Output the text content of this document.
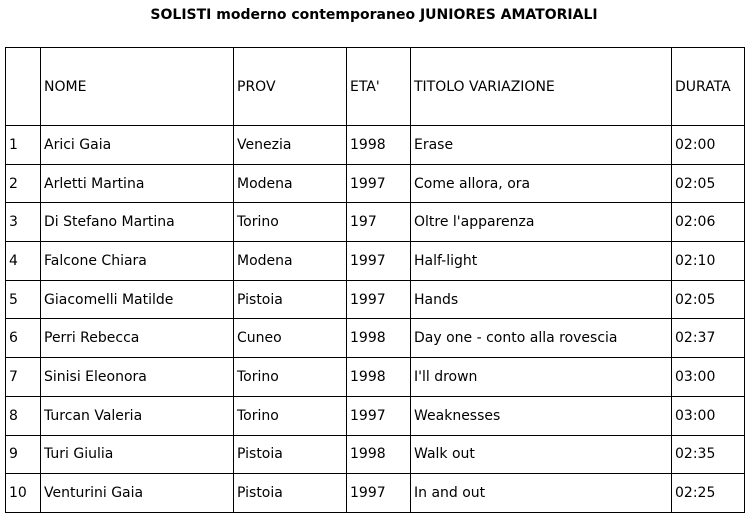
SOLISTI moderno contemporaneo JUNIORES AMATORIALI
	NOME	PROV	ETA'	TITOLO VARIAZIONE	DURATA
1	Arici Gaia	Venezia	1998	Erase	02:00
2	Arletti Martina	Modena	1997	Come allora, ora	02:05
3	Di Stefano Martina	Torino	197	Oltre l'apparenza	02:06
4	Falcone Chiara	Modena	1997	Half-light	02:10
5	Giacomelli Matilde	Pistoia	1997	Hands	02:05
6	Perri Rebecca	Cuneo	1998	Day one - conto alla rovescia	02:37
7	Sinisi Eleonora	Torino	1998	I'll drown	03:00
8	Turcan Valeria	Torino	1997	Weaknesses	03:00
9	Turi Giulia	Pistoia	1998	Walk out	02:35
10	Venturini Gaia	Pistoia	1997	In and out	02:25
